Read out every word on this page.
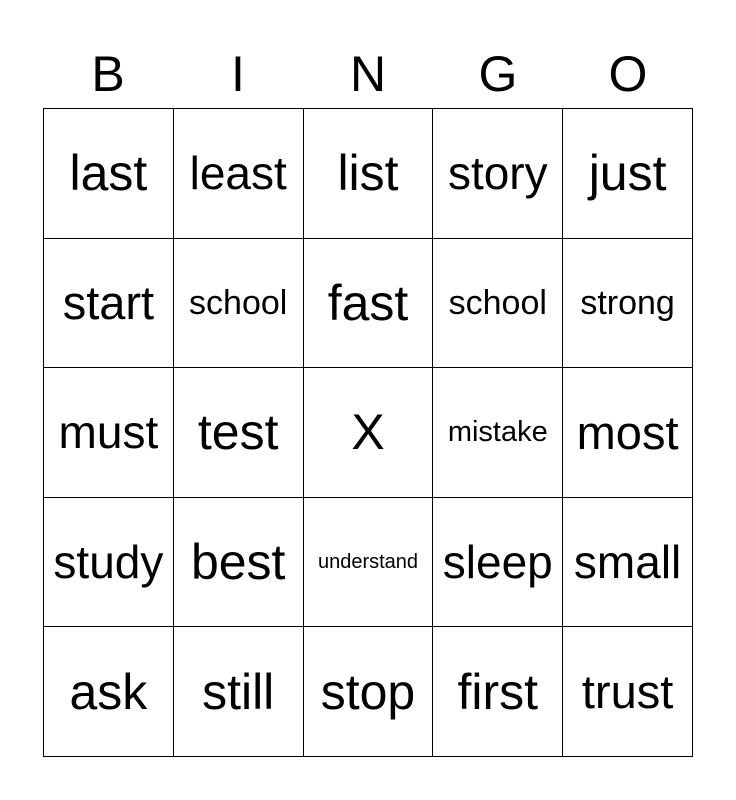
B	I	N	G	O
last least list story just
start school fast school strong
must test X mistake most
study best understand sleep small
ask still stop first trust
